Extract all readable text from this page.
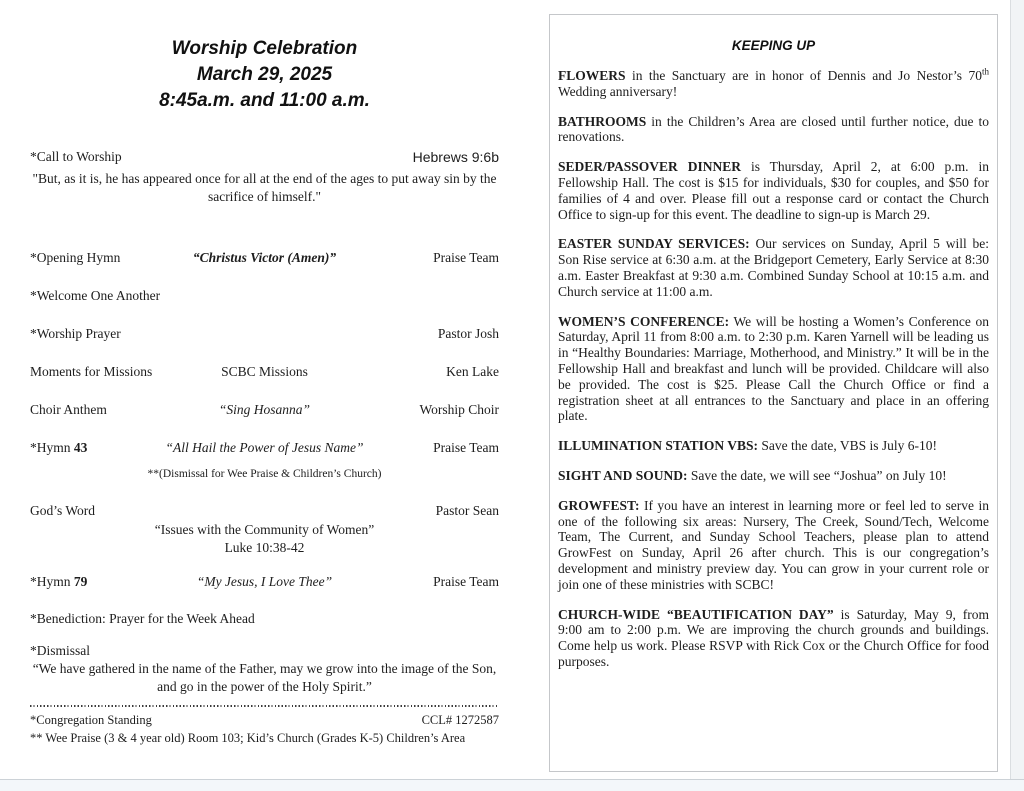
Worship Celebration
March 29, 2025
8:45a.m. and 11:00 a.m.
*Call to Worship	Hebrews 9:6b
"But, as it is, he has appeared once for all at the end of the ages to put away sin by the sacrifice of himself."
*Opening Hymn	“Christus Victor (Amen)”	Praise Team
*Welcome One Another
*Worship Prayer	Pastor Josh
Moments for Missions	SCBC Missions	Ken Lake
Choir Anthem	“Sing Hosanna”	Worship Choir
*Hymn 43	“All Hail the Power of Jesus Name”	Praise Team
**(Dismissal for Wee Praise & Children’s Church)
God’s Word	Pastor Sean
“Issues with the Community of Women”
Luke 10:38-42
*Hymn 79	“My Jesus, I Love Thee”	Praise Team
*Benediction: Prayer for the Week Ahead
*Dismissal
“We have gathered in the name of the Father, may we grow into the image of the Son, and go in the power of the Holy Spirit.”
*Congregation Standing	CCL# 1272587
** Wee Praise (3 & 4 year old) Room 103; Kid’s Church (Grades K-5) Children’s Area
KEEPING UP

FLOWERS in the Sanctuary are in honor of Dennis and Jo Nestor’s 70th Wedding anniversary!

BATHROOMS in the Children’s Area are closed until further notice, due to renovations.

SEDER/PASSOVER DINNER is Thursday, April 2, at 6:00 p.m. in Fellowship Hall. The cost is $15 for individuals, $30 for couples, and $50 for families of 4 and over. Please fill out a response card or contact the Church Office to sign-up for this event. The deadline to sign-up is March 29.

EASTER SUNDAY SERVICES: Our services on Sunday, April 5 will be: Son Rise service at 6:30 a.m. at the Bridgeport Cemetery, Early Service at 8:30 a.m. Easter Breakfast at 9:30 a.m. Combined Sunday School at 10:15 a.m. and Church service at 11:00 a.m.

WOMEN’S CONFERENCE: We will be hosting a Women’s Conference on Saturday, April 11 from 8:00 a.m. to 2:30 p.m. Karen Yarnell will be leading us in “Healthy Boundaries: Marriage, Motherhood, and Ministry.” It will be in the Fellowship Hall and breakfast and lunch will be provided. Childcare will also be provided. The cost is $25. Please Call the Church Office or find a registration sheet at all entrances to the Sanctuary and place in an offering plate.

ILLUMINATION STATION VBS: Save the date, VBS is July 6-10!

SIGHT AND SOUND: Save the date, we will see “Joshua” on July 10!

GROWFEST: If you have an interest in learning more or feel led to serve in one of the following six areas: Nursery, The Creek, Sound/Tech, Welcome Team, The Current, and Sunday School Teachers, please plan to attend GrowFest on Sunday, April 26 after church. This is our congregation’s development and ministry preview day. You can grow in your current role or join one of these ministries with SCBC!

CHURCH-WIDE “BEAUTIFICATION DAY” is Saturday, May 9, from 9:00 am to 2:00 p.m. We are improving the church grounds and buildings. Come help us work. Please RSVP with Rick Cox or the Church Office for food purposes.
